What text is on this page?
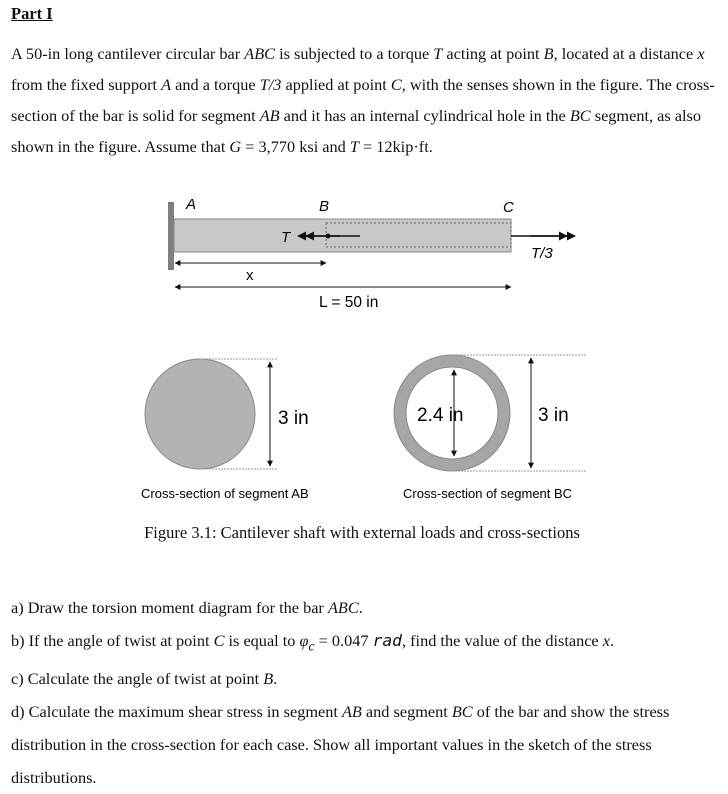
Part I

A 50-in long cantilever circular bar ABC is subjected to a torque T acting at point B, located at a distance x from the fixed support A and a torque T/3 applied at point C, with the senses shown in the figure. The cross-section of the bar is solid for segment AB and it has an internal cylindrical hole in the BC segment, as also shown in the figure. Assume that G = 3,770 ksi and T = 12kip·ft.

A	B	C
T
T/3
x
L = 50 in
3 in	2.4 in	3 in
Cross-section of segment AB	Cross-section of segment BC

Figure 3.1: Cantilever shaft with external loads and cross-sections

a) Draw the torsion moment diagram for the bar ABC.

b) If the angle of twist at point C is equal to $\varphi_c = 0.047$ rad, find the value of the distance x.

c) Calculate the angle of twist at point B.

d) Calculate the maximum shear stress in segment AB and segment BC of the bar and show the stress distribution in the cross-section for each case. Show all important values in the sketch of the stress distributions.
